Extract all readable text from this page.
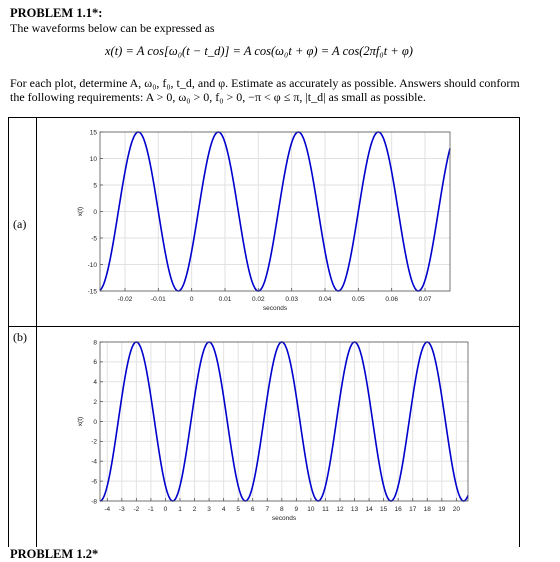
PROBLEM 1.1*:
The waveforms below can be expressed as
x(t) = A cos[ω₀(t − t_d)] = A cos(ω₀t + φ) = A cos(2πf₀t + φ)
For each plot, determine A, ω₀, f₀, t_d, and φ. Estimate as accurately as possible. Answers should conform
the following requirements: A > 0, ω₀ > 0, f₀ > 0, −π < φ ≤ π, |t_d| as small as possible.
(a)
(b)
-0.02	-0.01	0	0.01	0.02	0.03	0.04	0.05	0.06	0.07
-15
-10
-5
0
5
10
15
seconds
x(t)
-4 -3 -2 -1 0 1 2 3 4 5 6 7 8 9 10 11 12 13 14 15 16 17 18 19 20
-8
-6
-4
-2
0
2
4
6
8
seconds
x(t)
PROBLEM 1.2*
